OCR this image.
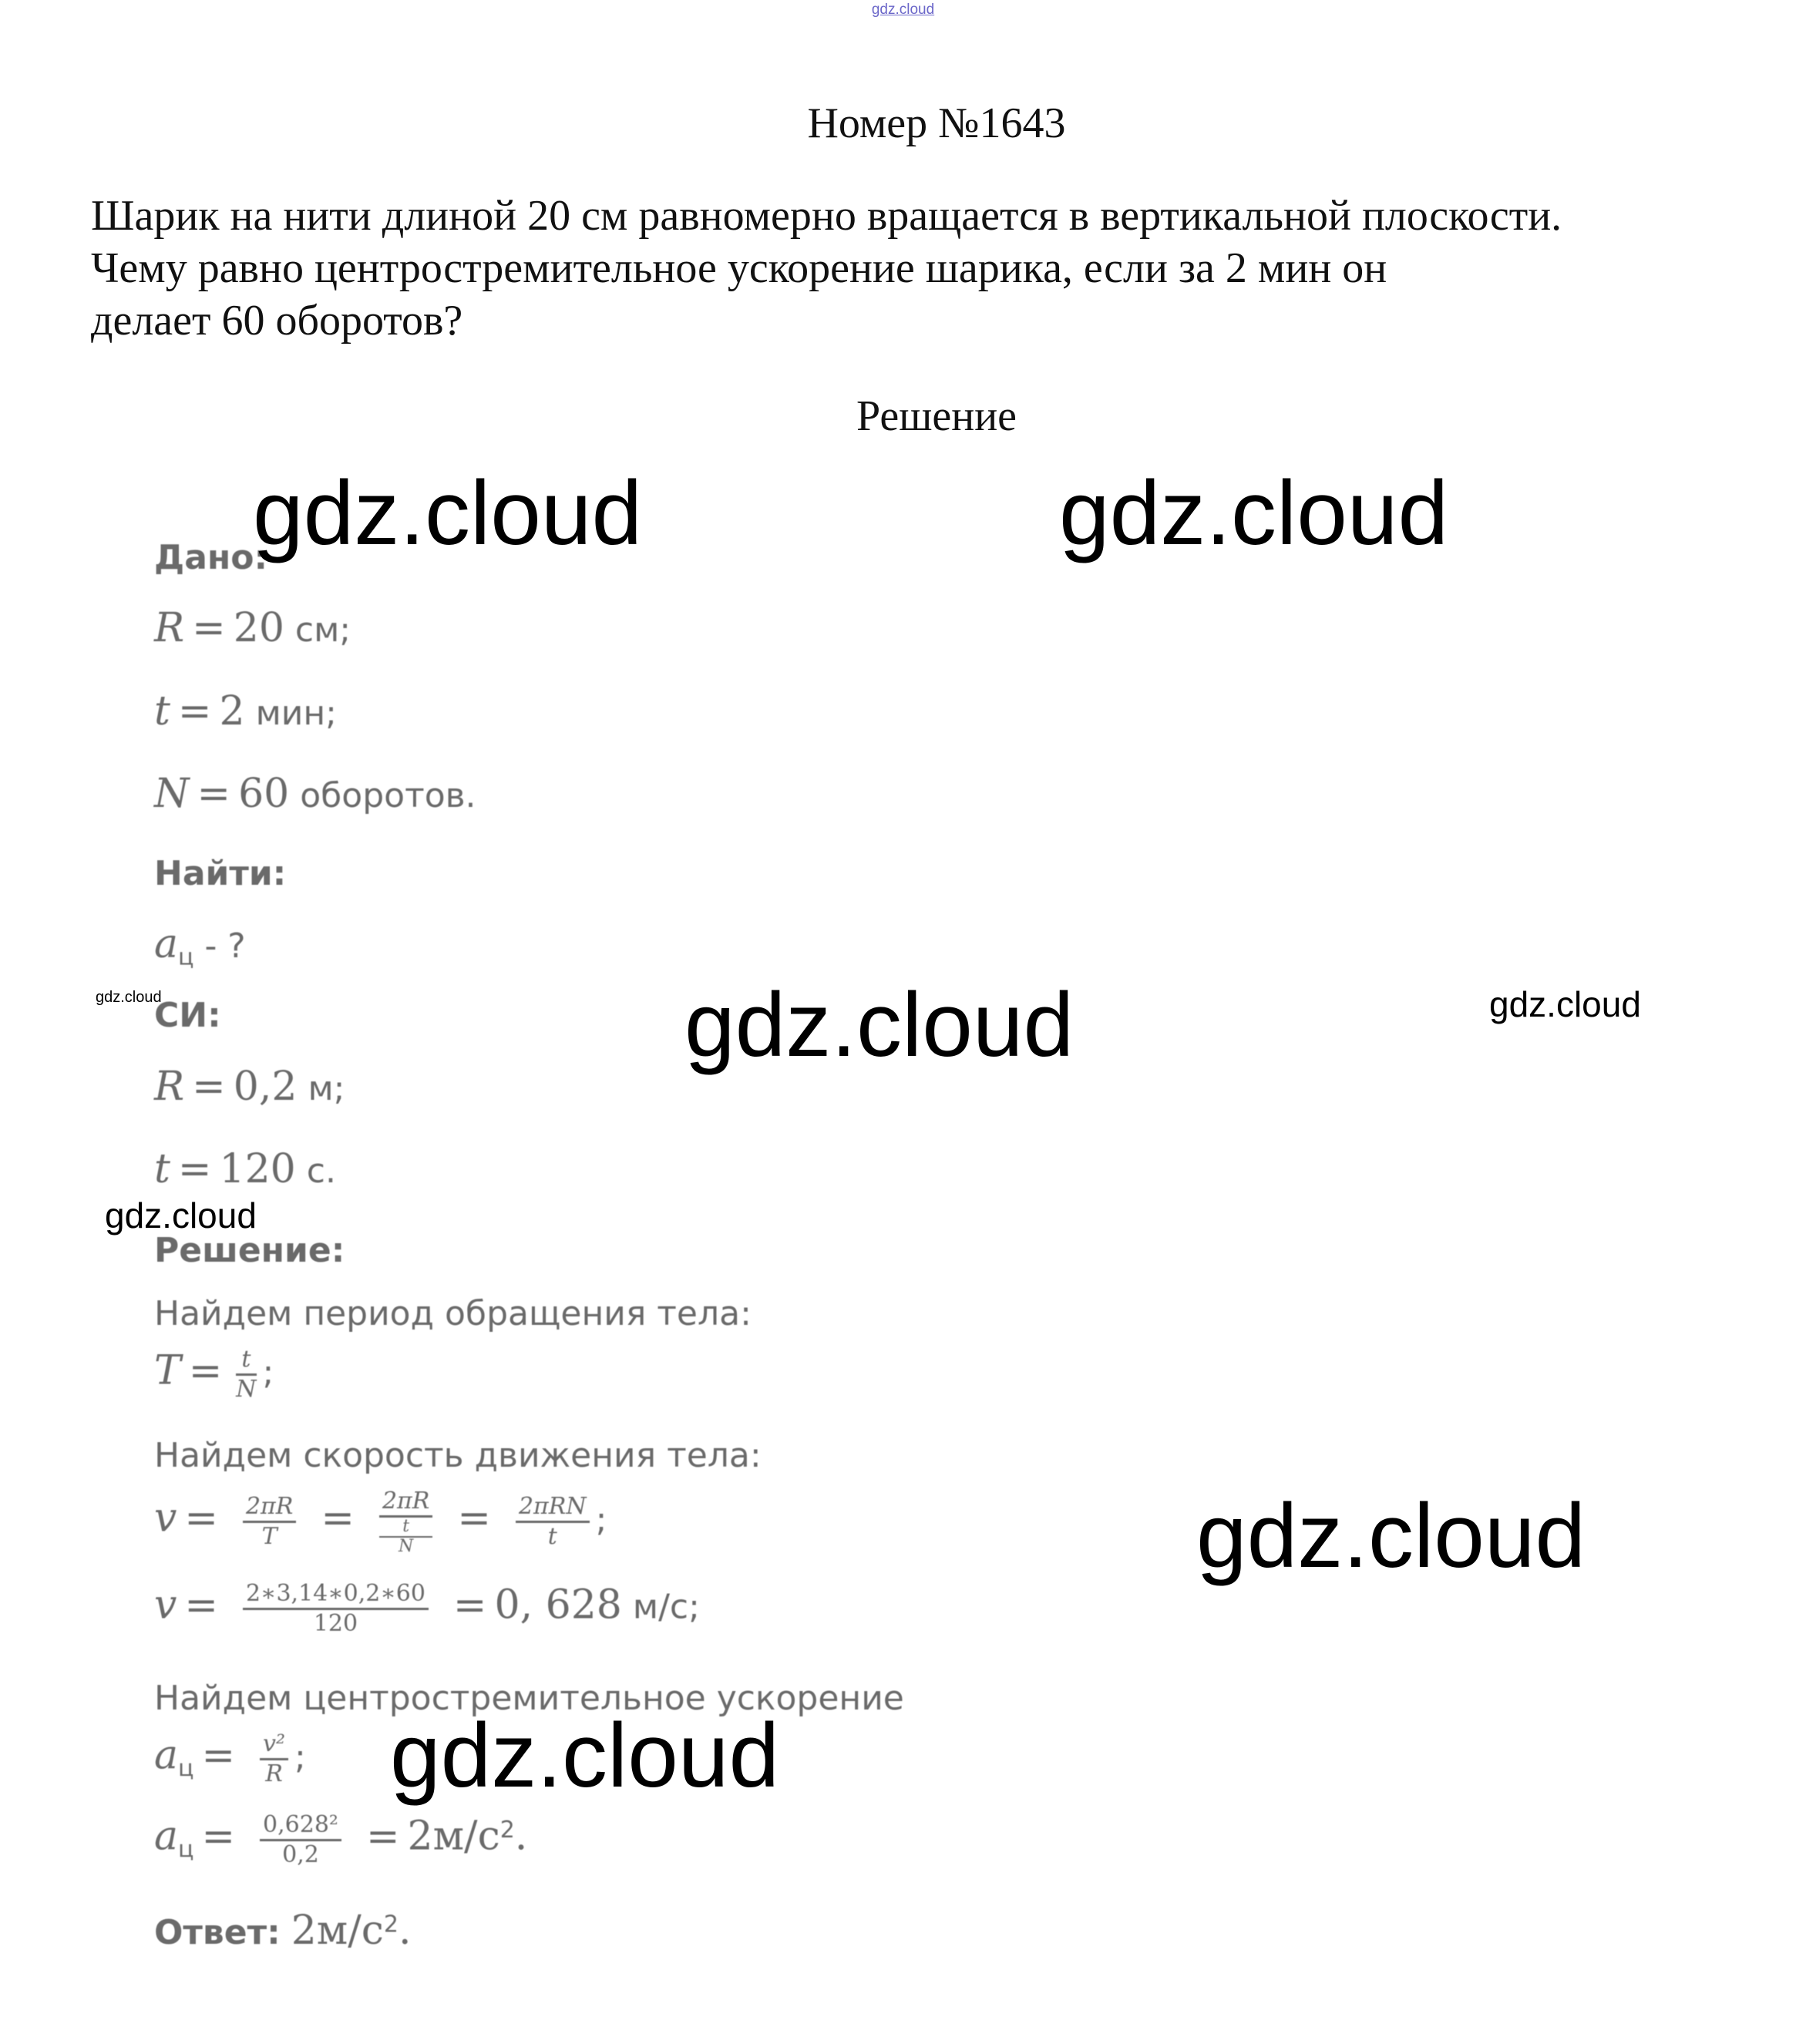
gdz.cloud
Номер №1643

Шарик на нити длиной 20 см равномерно вращается в вертикальной плоскости.

Чему равно центростремительное ускорение шарика, если за 2 мин он

делает 60 оборотов?

Решение
Дано:
R = 20 см;
t = 2 мин;
N = 60 оборотов.
Найти:
$a_ц$ - ?
СИ:
R = 0,2 м;
t = 120 с.
Решение:
Найдем период обращения тела:
$T = \frac{t}{N}$ ;
Найдем скорость движения тела:
$v = \frac{2\pi R}{T} = 2\pi R$
t
$N = \frac{\text{2πRN}}{t}$ ;
$v = \frac{2∗3,14∗0,2∗60}{120} = 0$, 628 м/с;
Найдем центростремительное ускорение
$a_ц = \frac{\text{v²}}{R}$ ;
$a_ц = \frac{\text{0,628²}}{0,2} = 2м/с^2$.
Ответ: $2м/с^2$.
gdz.cloud	gdz.cloud
gdz.cloud	gdz.cloud
gdz.cloud
gdz.cloud
gdz.cloud
gdz.cloud
